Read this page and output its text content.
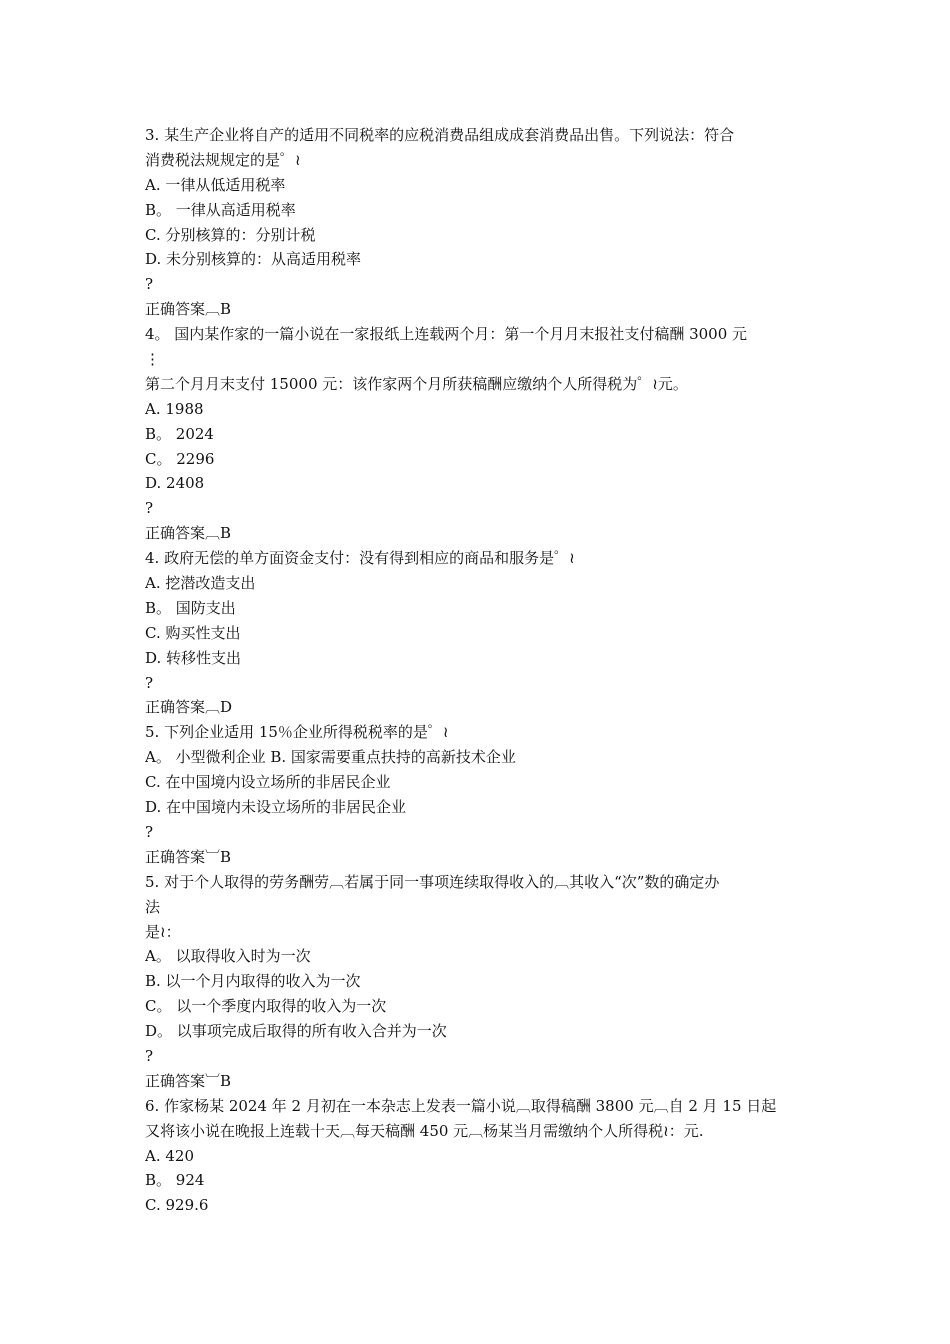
3. 某生产企业将自产的适用不同税率的应税消费品组成成套消费品出售。下列说法：符合
消费税法规规定的是゜≀
A. 一律从低适用税率
B。 一律从高适用税率
C. 分别核算的：分别计税
D. 未分别核算的：从高适用税率
?
正确答案︹B
4。 国内某作家的一篇小说在一家报纸上连载两个月：第一个月月末报社支付稿酬 3000 元
⋮
第二个月月末支付 15000 元：该作家两个月所获稿酬应缴纳个人所得税为゜≀元。
A. 1988
B。 2024
C。 2296
D. 2408
?
正确答案︹B
4. 政府无偿的单方面资金支付：没有得到相应的商品和服务是゜≀
A. 挖潜改造支出
B。 国防支出
C. 购买性支出
D. 转移性支出
?
正确答案︹D
5. 下列企业适用 15％企业所得税税率的是゜≀
A。 小型微利企业 B. 国家需要重点扶持的高新技术企业
C. 在中国境内设立场所的非居民企业
D. 在中国境内未设立场所的非居民企业
?
正确答案︺B
5. 对于个人取得的劳务酬劳︹若属于同一事项连续取得收入的︹其收入“次”数的确定办
法
是≀：
A。 以取得收入时为一次
B. 以一个月内取得的收入为一次
C。 以一个季度内取得的收入为一次
D。 以事项完成后取得的所有收入合并为一次
?
正确答案︺B
6. 作家杨某 2024 年 2 月初在一本杂志上发表一篇小说︹取得稿酬 3800 元︹自 2 月 15 日起
又将该小说在晚报上连载十天︹每天稿酬 450 元︹杨某当月需缴纳个人所得税≀：元.
A. 420
B。 924
C. 929.6
